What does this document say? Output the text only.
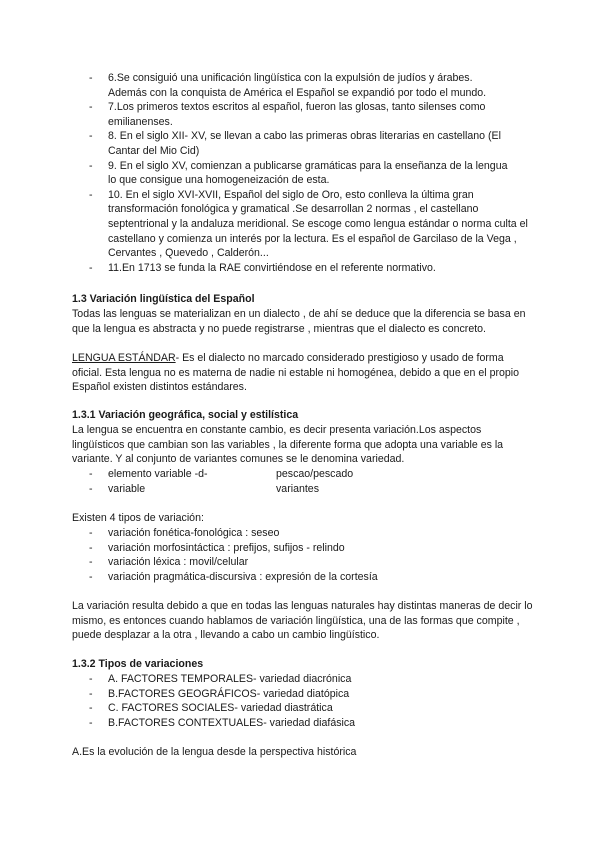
- 6.Se consiguió una unificación lingüística con la expulsión de judíos y árabes.
Además con la conquista de América el Español se expandió por todo el mundo.
- 7.Los primeros textos escritos al español, fueron las glosas, tanto silenses como
emilianenses.
- 8. En el siglo XII- XV, se llevan a cabo las primeras obras literarias en castellano (El
Cantar del Mio Cid)
- 9. En el siglo XV, comienzan a publicarse gramáticas para la enseñanza de la lengua
lo que consigue una homogeneización de esta.
- 10. En el siglo XVI-XVII, Español del siglo de Oro, esto conlleva la última gran
transformación fonológica y gramatical .Se desarrollan 2 normas , el castellano septentrional y la andaluza meridional. Se escoge como lengua estándar o norma culta el castellano y comienza un interés por la lectura. Es el español de Garcilaso de la Vega , Cervantes , Quevedo , Calderón...
- 11.En 1713 se funda la RAE convirtiéndose en el referente normativo.
1.3 Variación lingüística del Español

Todas las lenguas se materializan en un dialecto , de ahí se deduce que la diferencia se basa en que la lengua es abstracta y no puede registrarse , mientras que el dialecto es concreto.

LENGUA ESTÁNDAR- Es el dialecto no marcado considerado prestigioso y usado de forma oficial. Esta lengua no es materna de nadie ni estable ni homogénea, debido a que en el propio Español existen distintos estándares.

1.3.1 Variación geográfica, social y estilística

La lengua se encuentra en constante cambio, es decir presenta variación.Los aspectos lingüísticos que cambian son las variables , la diferente forma que adopta una variable es la variante. Y al conjunto de variantes comunes se le denomina variedad.

- elemento variable -d-	pescao/pescado
- variable	variantes
Existen 4 tipos de variación:
- variación fonética-fonológica : seseo
- variación morfosintáctica : prefijos, sufijos - relindo
- variación léxica : movil/celular
- variación pragmática-discursiva : expresión de la cortesía

La variación resulta debido a que en todas las lenguas naturales hay distintas maneras de decir lo mismo, es entonces cuando hablamos de variación lingüística, una de las formas que compite , puede desplazar a la otra , llevando a cabo un cambio lingüístico.

1.3.2 Tipos de variaciones
- A. FACTORES TEMPORALES- variedad diacrónica
- B.FACTORES GEOGRÁFICOS- variedad diatópica
- C. FACTORES SOCIALES- variedad diastrática
- B.FACTORES CONTEXTUALES- variedad diafásica
A.Es la evolución de la lengua desde la perspectiva histórica
